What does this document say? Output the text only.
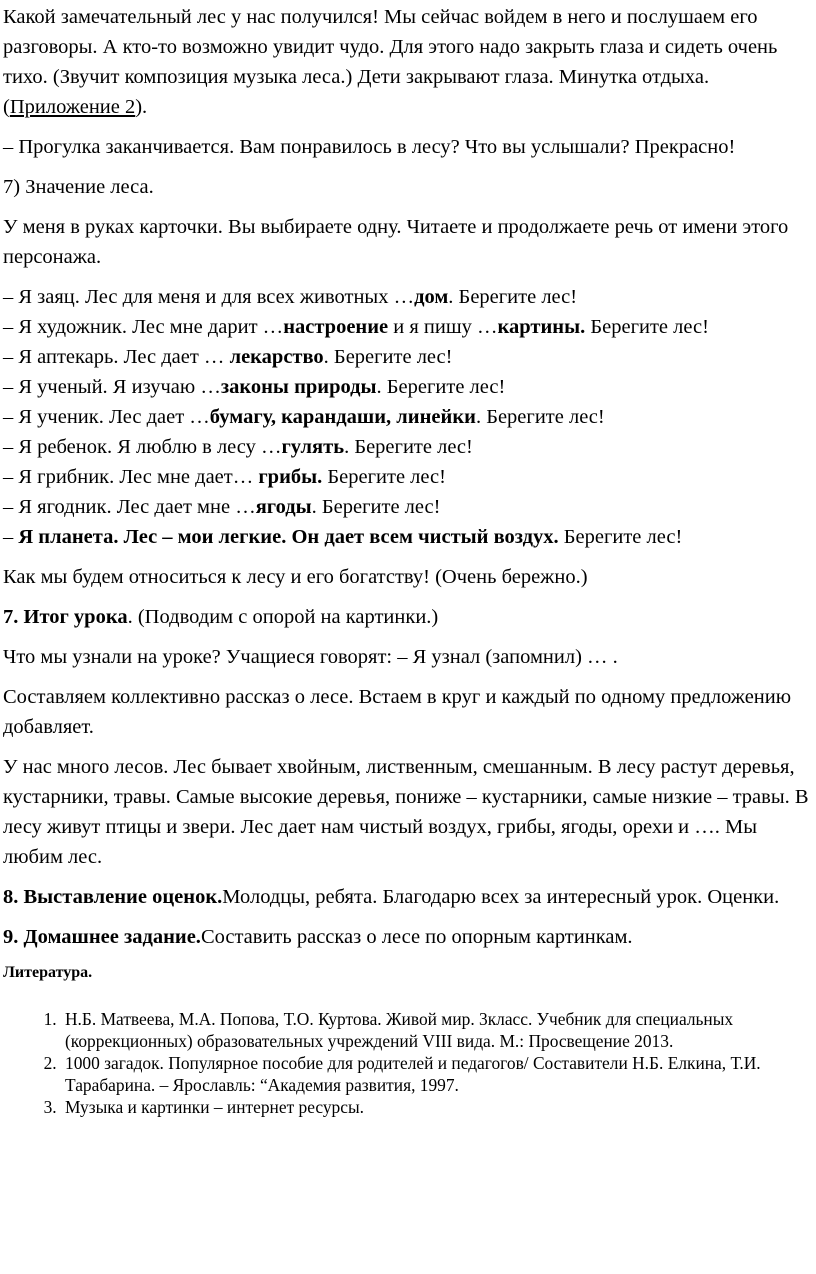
Какой замечательный лес у нас получился! Мы сейчас войдем в него и послушаем его разговоры. А кто-то возможно увидит чудо. Для этого надо закрыть глаза и сидеть очень тихо. (Звучит композиция музыка леса.) Дети закрывают глаза. Минутка отдыха. (Приложение 2).

– Прогулка заканчивается. Вам понравилось в лесу? Что вы услышали? Прекрасно!

7) Значение леса.

У меня в руках карточки. Вы выбираете одну. Читаете и продолжаете речь от имени этого персонажа.

– Я заяц. Лес для меня и для всех животных …дом. Берегите лес!

– Я художник. Лес мне дарит …настроение и я пишу …картины. Берегите лес!

– Я аптекарь. Лес дает … лекарство. Берегите лес!

– Я ученый. Я изучаю …законы природы. Берегите лес!

– Я ученик. Лес дает …бумагу, карандаши, линейки. Берегите лес!

– Я ребенок. Я люблю в лесу …гулять. Берегите лес!

– Я грибник. Лес мне дает… грибы. Берегите лес!

– Я ягодник. Лес дает мне …ягоды. Берегите лес!

– Я планета. Лес – мои легкие. Он дает всем чистый воздух. Берегите лес!

Как мы будем относиться к лесу и его богатству! (Очень бережно.)

7. Итог урока. (Подводим с опорой на картинки.)

Что мы узнали на уроке? Учащиеся говорят: – Я узнал (запомнил) … .

Составляем коллективно рассказ о лесе. Встаем в круг и каждый по одному предложению добавляет.

У нас много лесов. Лес бывает хвойным, лиственным, смешанным. В лесу растут деревья, кустарники, травы. Самые высокие деревья, пониже – кустарники, самые низкие – травы. В лесу живут птицы и звери. Лес дает нам чистый воздух, грибы, ягоды, орехи и …. Мы любим лес.

8. Выставление оценок.Молодцы, ребята. Благодарю всех за интересный урок. Оценки.

9. Домашнее задание.Составить рассказ о лесе по опорным картинкам.

Литература.
1. Н.Б. Матвеева, М.А. Попова, Т.О. Куртова. Живой мир. 3класс. Учебник для специальных (коррекционных) образовательных учреждений VIII вида. М.: Просвещение 2013.
2. 1000 загадок. Популярное пособие для родителей и педагогов/ Составители Н.Б. Елкина, Т.И. Тарабарина. – Ярославль: “Академия развития, 1997.
3. Музыка и картинки – интернет ресурсы.
